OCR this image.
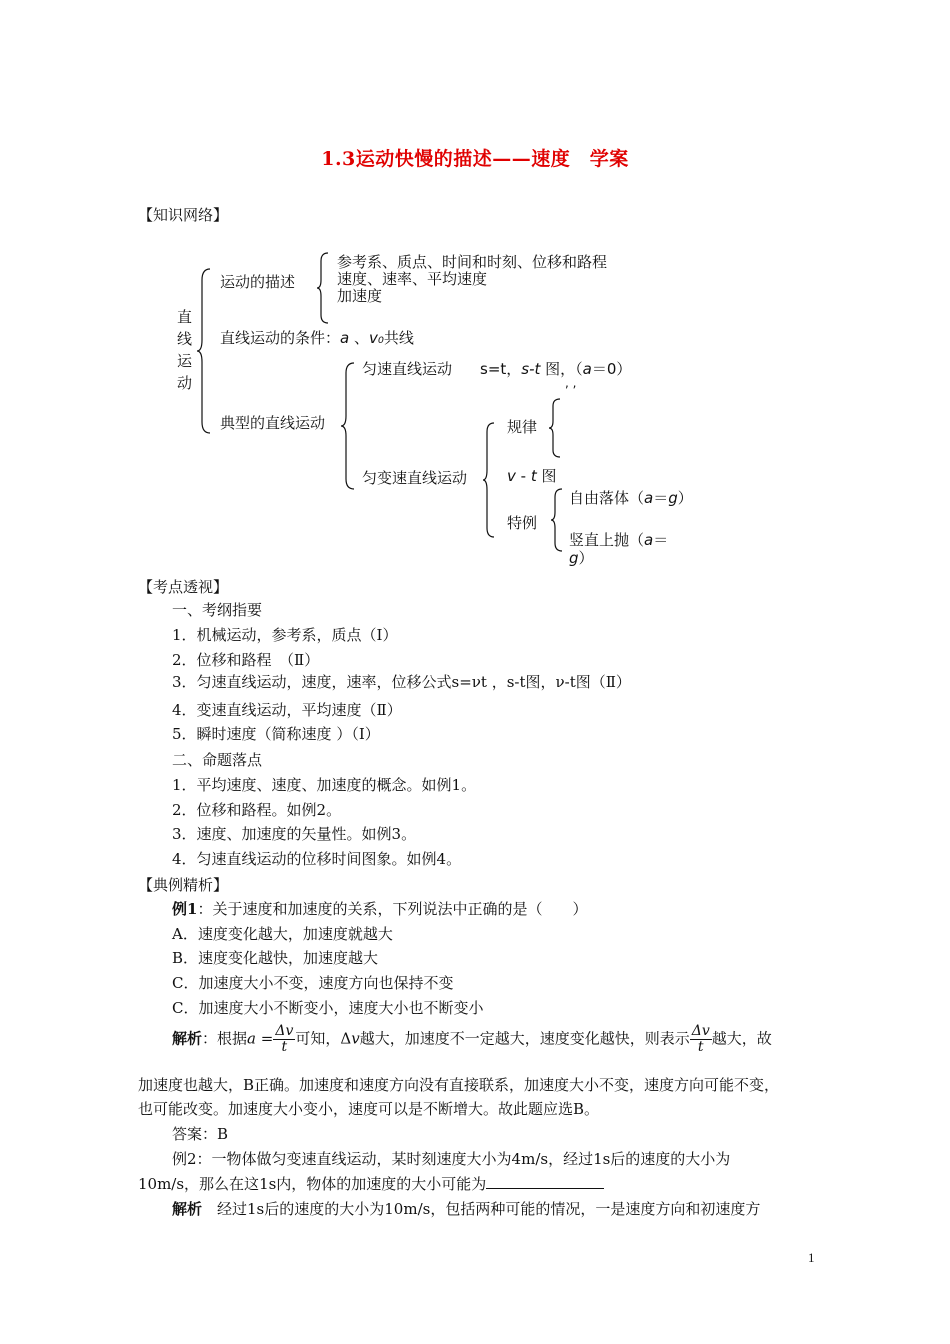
1.3运动快慢的描述——速度　学案
【知识网络】
直
线
运
动
运动的描述
参考系、质点、时间和时刻、位移和路程
速度、速率、平均速度
加速度
直线运动的条件：a 、v₀共线
典型的直线运动
匀速直线运动 s=t，s-t 图，（a＝0）
, ,
匀变速直线运动
规律
v - t 图
特例
自由落体（a＝g）
竖直上抛（a＝
g）
【考点透视】
一、考纲指要
1．机械运动，参考系，质点（Ⅰ）
2．位移和路程　（Ⅱ）
3．匀速直线运动，速度，速率，位移公式s=νt ，s-t图，ν-t图（Ⅱ）
4．变速直线运动，平均速度（Ⅱ）
5．瞬时速度（简称速度 ）（Ⅰ）
二、命题落点
1．平均速度、速度、加速度的概念。如例1。
2．位移和路程。如例2。
3．速度、加速度的矢量性。如例3。
4．匀速直线运动的位移时间图象。如例4。
【典例精析】
例1：关于速度和加速度的关系，下列说法中正确的是（　　）
A．速度变化越大，加速度就越大
B．速度变化越快，加速度越大
C．加速度大小不变，速度方向也保持不变
C．加速度大小不断变小，速度大小也不断变小
解析：根据$a = \frac{\Delta v}{t}$ 可知，Δv越大，加速度不一定越大，速度变化越快，则表示 $\frac{\Delta v}{t}$ 越大，故
加速度也越大，B正确。加速度和速度方向没有直接联系，加速度大小不变，速度方向可能不变，
也可能改变。加速度大小变小，速度可以是不断增大。故此题应选B。
答案：B
例2：一物体做匀变速直线运动，某时刻速度大小为4m/s，经过1s后的速度的大小为
10m/s，那么在这1s内，物体的加速度的大小可能为
解析　经过1s后的速度的大小为10m/s，包括两种可能的情况，一是速度方向和初速度方
1
